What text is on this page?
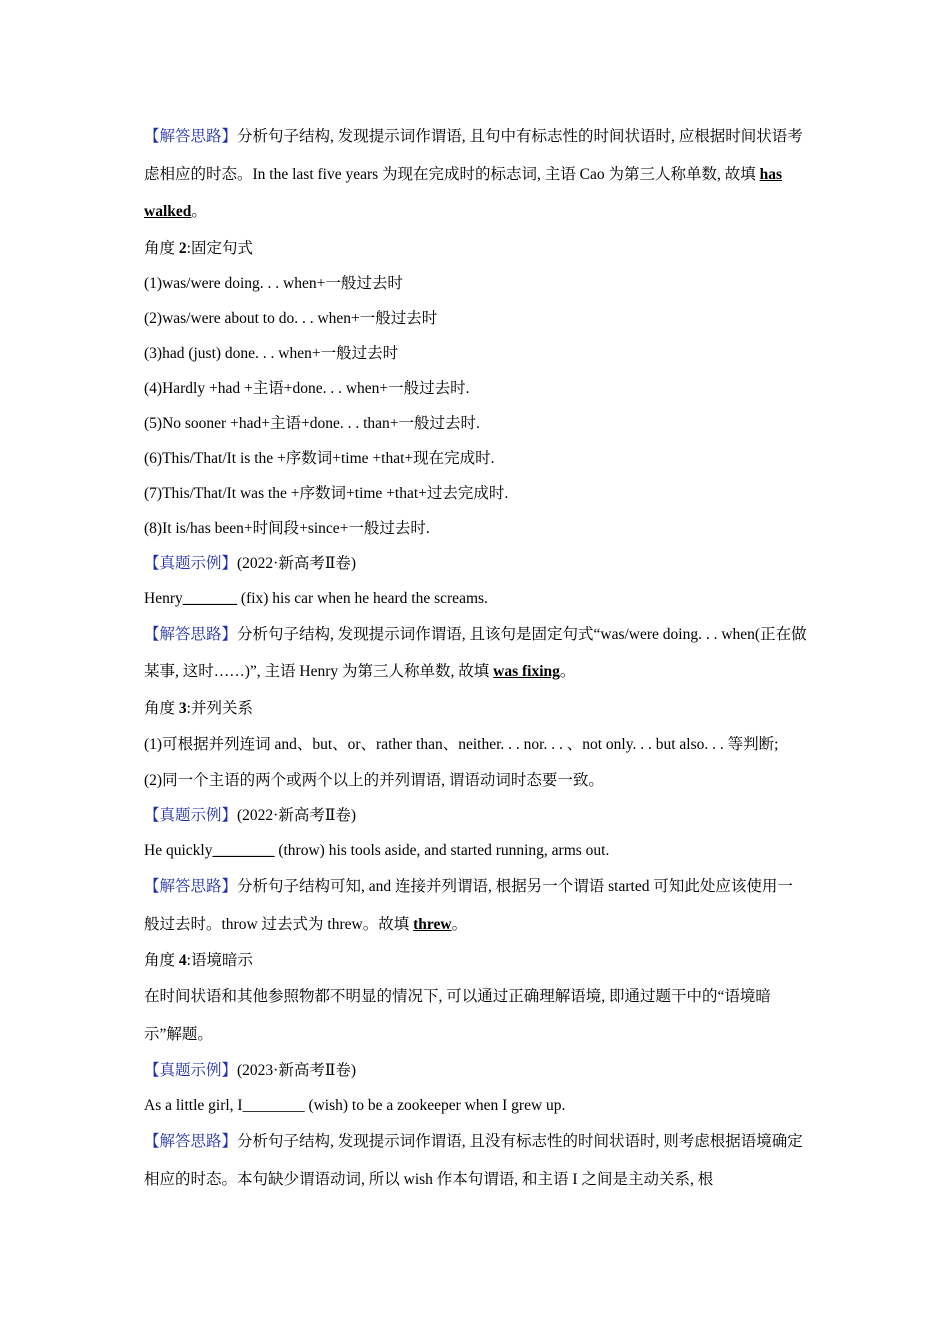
【解答思路】分析句子结构, 发现提示词作谓语, 且句中有标志性的时间状语时, 应根据时间状语考虑相应的时态。In the last five years 为现在完成时的标志词, 主语 Cao 为第三人称单数, 故填 has walked。

角度 2:固定句式

(1)was/were doing. . . when+一般过去时

(2)was/were about to do. . . when+一般过去时

(3)had (just) done. . . when+一般过去时

(4)Hardly +had +主语+done. . . when+一般过去时.

(5)No sooner +had+主语+done. . . than+一般过去时.

(6)This/That/It is the +序数词+time +that+现在完成时.

(7)This/That/It was the +序数词+time +that+过去完成时.

(8)It is/has been+时间段+since+一般过去时.

【真题示例】(2022·新高考Ⅱ卷)

Henry_______ (fix) his car when he heard the screams.

【解答思路】分析句子结构, 发现提示词作谓语, 且该句是固定句式“was/were doing. . . when(正在做某事, 这时……)”, 主语 Henry 为第三人称单数, 故填 was fixing。

角度 3:并列关系

(1)可根据并列连词 and、but、or、rather than、neither. . . nor. . . 、not only. . . but also. . . 等判断;

(2)同一个主语的两个或两个以上的并列谓语, 谓语动词时态要一致。

【真题示例】(2022·新高考Ⅱ卷)

He quickly________ (throw) his tools aside, and started running, arms out.

【解答思路】分析句子结构可知, and 连接并列谓语, 根据另一个谓语 started 可知此处应该使用一般过去时。throw 过去式为 threw。故填 threw。

角度 4:语境暗示

在时间状语和其他参照物都不明显的情况下, 可以通过正确理解语境, 即通过题干中的“语境暗示”解题。

【真题示例】(2023·新高考Ⅱ卷)

As a little girl, I________ (wish) to be a zookeeper when I grew up.

【解答思路】分析句子结构, 发现提示词作谓语, 且没有标志性的时间状语时, 则考虑根据语境确定相应的时态。本句缺少谓语动词, 所以 wish 作本句谓语, 和主语 I 之间是主动关系, 根
